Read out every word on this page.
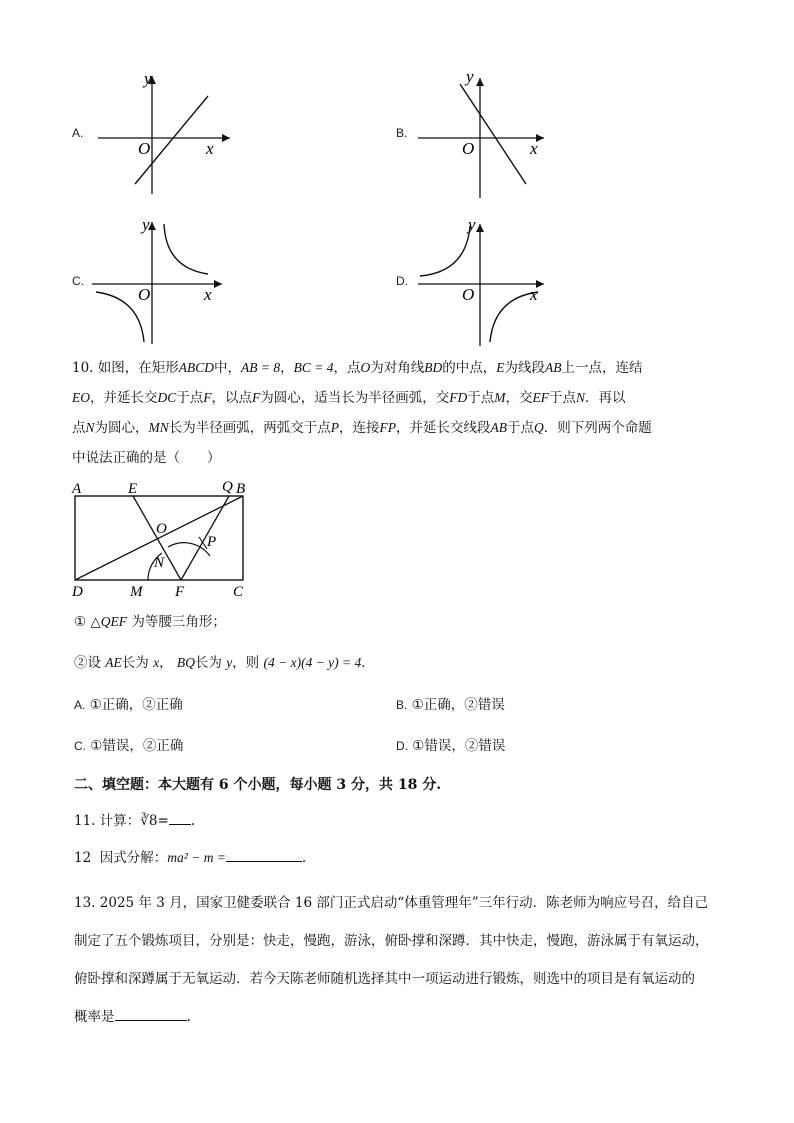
A.
y
x
O
B.
y
x
O
C.
y
x
O
D.
y
x
O
10. 如图，在矩形ABCD中，AB = 8，BC = 4，点O为对角线BD的中点，E为线段AB上一点，连结
EO，并延长交DC于点F，以点F为圆心，适当长为半径画弧，交FD于点M，交EF于点N．再以
点N为圆心，MN长为半径画弧，两弧交于点P，连接FP，并延长交线段AB于点Q．则下列两个命题
中说法正确的是（　　）
A	E	Q B
O
N
P
D	M F	C
① △QEF 为等腰三角形；
②设 AE长为 x， BQ长为 y，则 (4 − x)(4 − y) = 4．
A. ①正确，②正确	B. ①正确，②错误
C. ①错误，②正确	D. ①错误，②错误
二、填空题：本大题有 6 个小题，每小题 3 分，共 18 分.
11. 计算：∛8= .
12 因式分解：ma² − m =	.
13. 2025 年 3 月，国家卫健委联合 16 部门正式启动“体重管理年”三年行动．陈老师为响应号召，给自己
制定了五个锻炼项目，分别是：快走，慢跑，游泳，俯卧撑和深蹲．其中快走，慢跑，游泳属于有氧运动，
俯卧撑和深蹲属于无氧运动．若今天陈老师随机选择其中一项运动进行锻炼，则选中的项目是有氧运动的
概率是	.
